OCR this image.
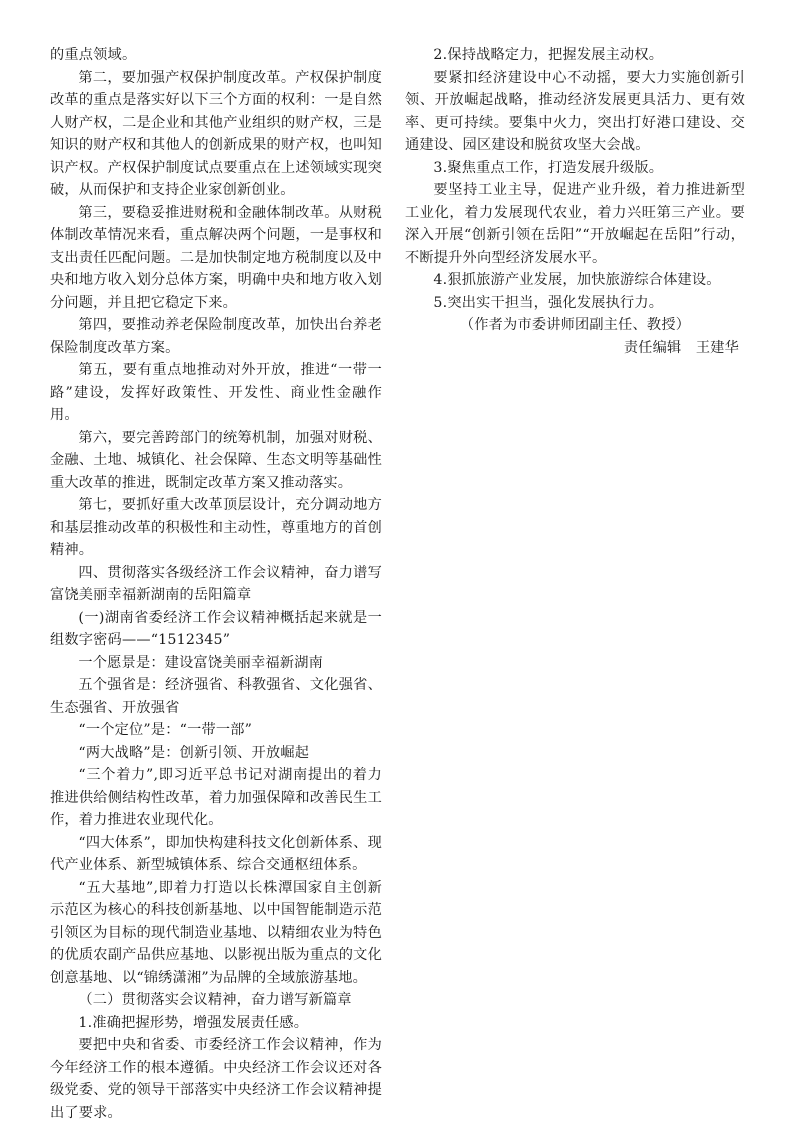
的重点领域。

第二，要加强产权保护制度改革。产权保护制度改革的重点是落实好以下三个方面的权利：一是自然人财产权，二是企业和其他产业组织的财产权，三是知识的财产权和其他人的创新成果的财产权，也叫知识产权。产权保护制度试点要重点在上述领域实现突破，从而保护和支持企业家创新创业。

第三，要稳妥推进财税和金融体制改革。从财税体制改革情况来看，重点解决两个问题，一是事权和支出责任匹配问题。二是加快制定地方税制度以及中央和地方收入划分总体方案，明确中央和地方收入划分问题，并且把它稳定下来。

第四，要推动养老保险制度改革，加快出台养老保险制度改革方案。

第五，要有重点地推动对外开放，推进“一带一路”建设，发挥好政策性、开发性、商业性金融作用。

第六，要完善跨部门的统筹机制，加强对财税、金融、土地、城镇化、社会保障、生态文明等基础性重大改革的推进，既制定改革方案又推动落实。

第七，要抓好重大改革顶层设计，充分调动地方和基层推动改革的积极性和主动性，尊重地方的首创精神。

四、贯彻落实各级经济工作会议精神，奋力谱写富饶美丽幸福新湖南的岳阳篇章

(一)湖南省委经济工作会议精神概括起来就是一组数字密码——“1512345”

一个愿景是：建设富饶美丽幸福新湖南

五个强省是：经济强省、科教强省、文化强省、生态强省、开放强省

“一个定位”是：“一带一部”

“两大战略”是：创新引领、开放崛起

“三个着力”,即习近平总书记对湖南提出的着力推进供给侧结构性改革，着力加强保障和改善民生工作，着力推进农业现代化。

“四大体系”，即加快构建科技文化创新体系、现代产业体系、新型城镇体系、综合交通枢纽体系。

“五大基地”,即着力打造以长株潭国家自主创新示范区为核心的科技创新基地、以中国智能制造示范引领区为目标的现代制造业基地、以精细农业为特色的优质农副产品供应基地、以影视出版为重点的文化创意基地、以“锦绣潇湘”为品牌的全域旅游基地。

（二）贯彻落实会议精神，奋力谱写新篇章

1.准确把握形势，增强发展责任感。

要把中央和省委、市委经济工作会议精神，作为今年经济工作的根本遵循。中央经济工作会议还对各级党委、党的领导干部落实中央经济工作会议精神提出了要求。

2.保持战略定力，把握发展主动权。

要紧扣经济建设中心不动摇，要大力实施创新引领、开放崛起战略，推动经济发展更具活力、更有效率、更可持续。要集中火力，突出打好港口建设、交通建设、园区建设和脱贫攻坚大会战。

3.聚焦重点工作，打造发展升级版。

要坚持工业主导，促进产业升级，着力推进新型工业化，着力发展现代农业，着力兴旺第三产业。要深入开展“创新引领在岳阳”“开放崛起在岳阳”行动， 不断提升外向型经济发展水平。

4.狠抓旅游产业发展，加快旅游综合体建设。

5.突出实干担当，强化发展执行力。

（作者为市委讲师团副主任、教授）

责任编辑　王建华
